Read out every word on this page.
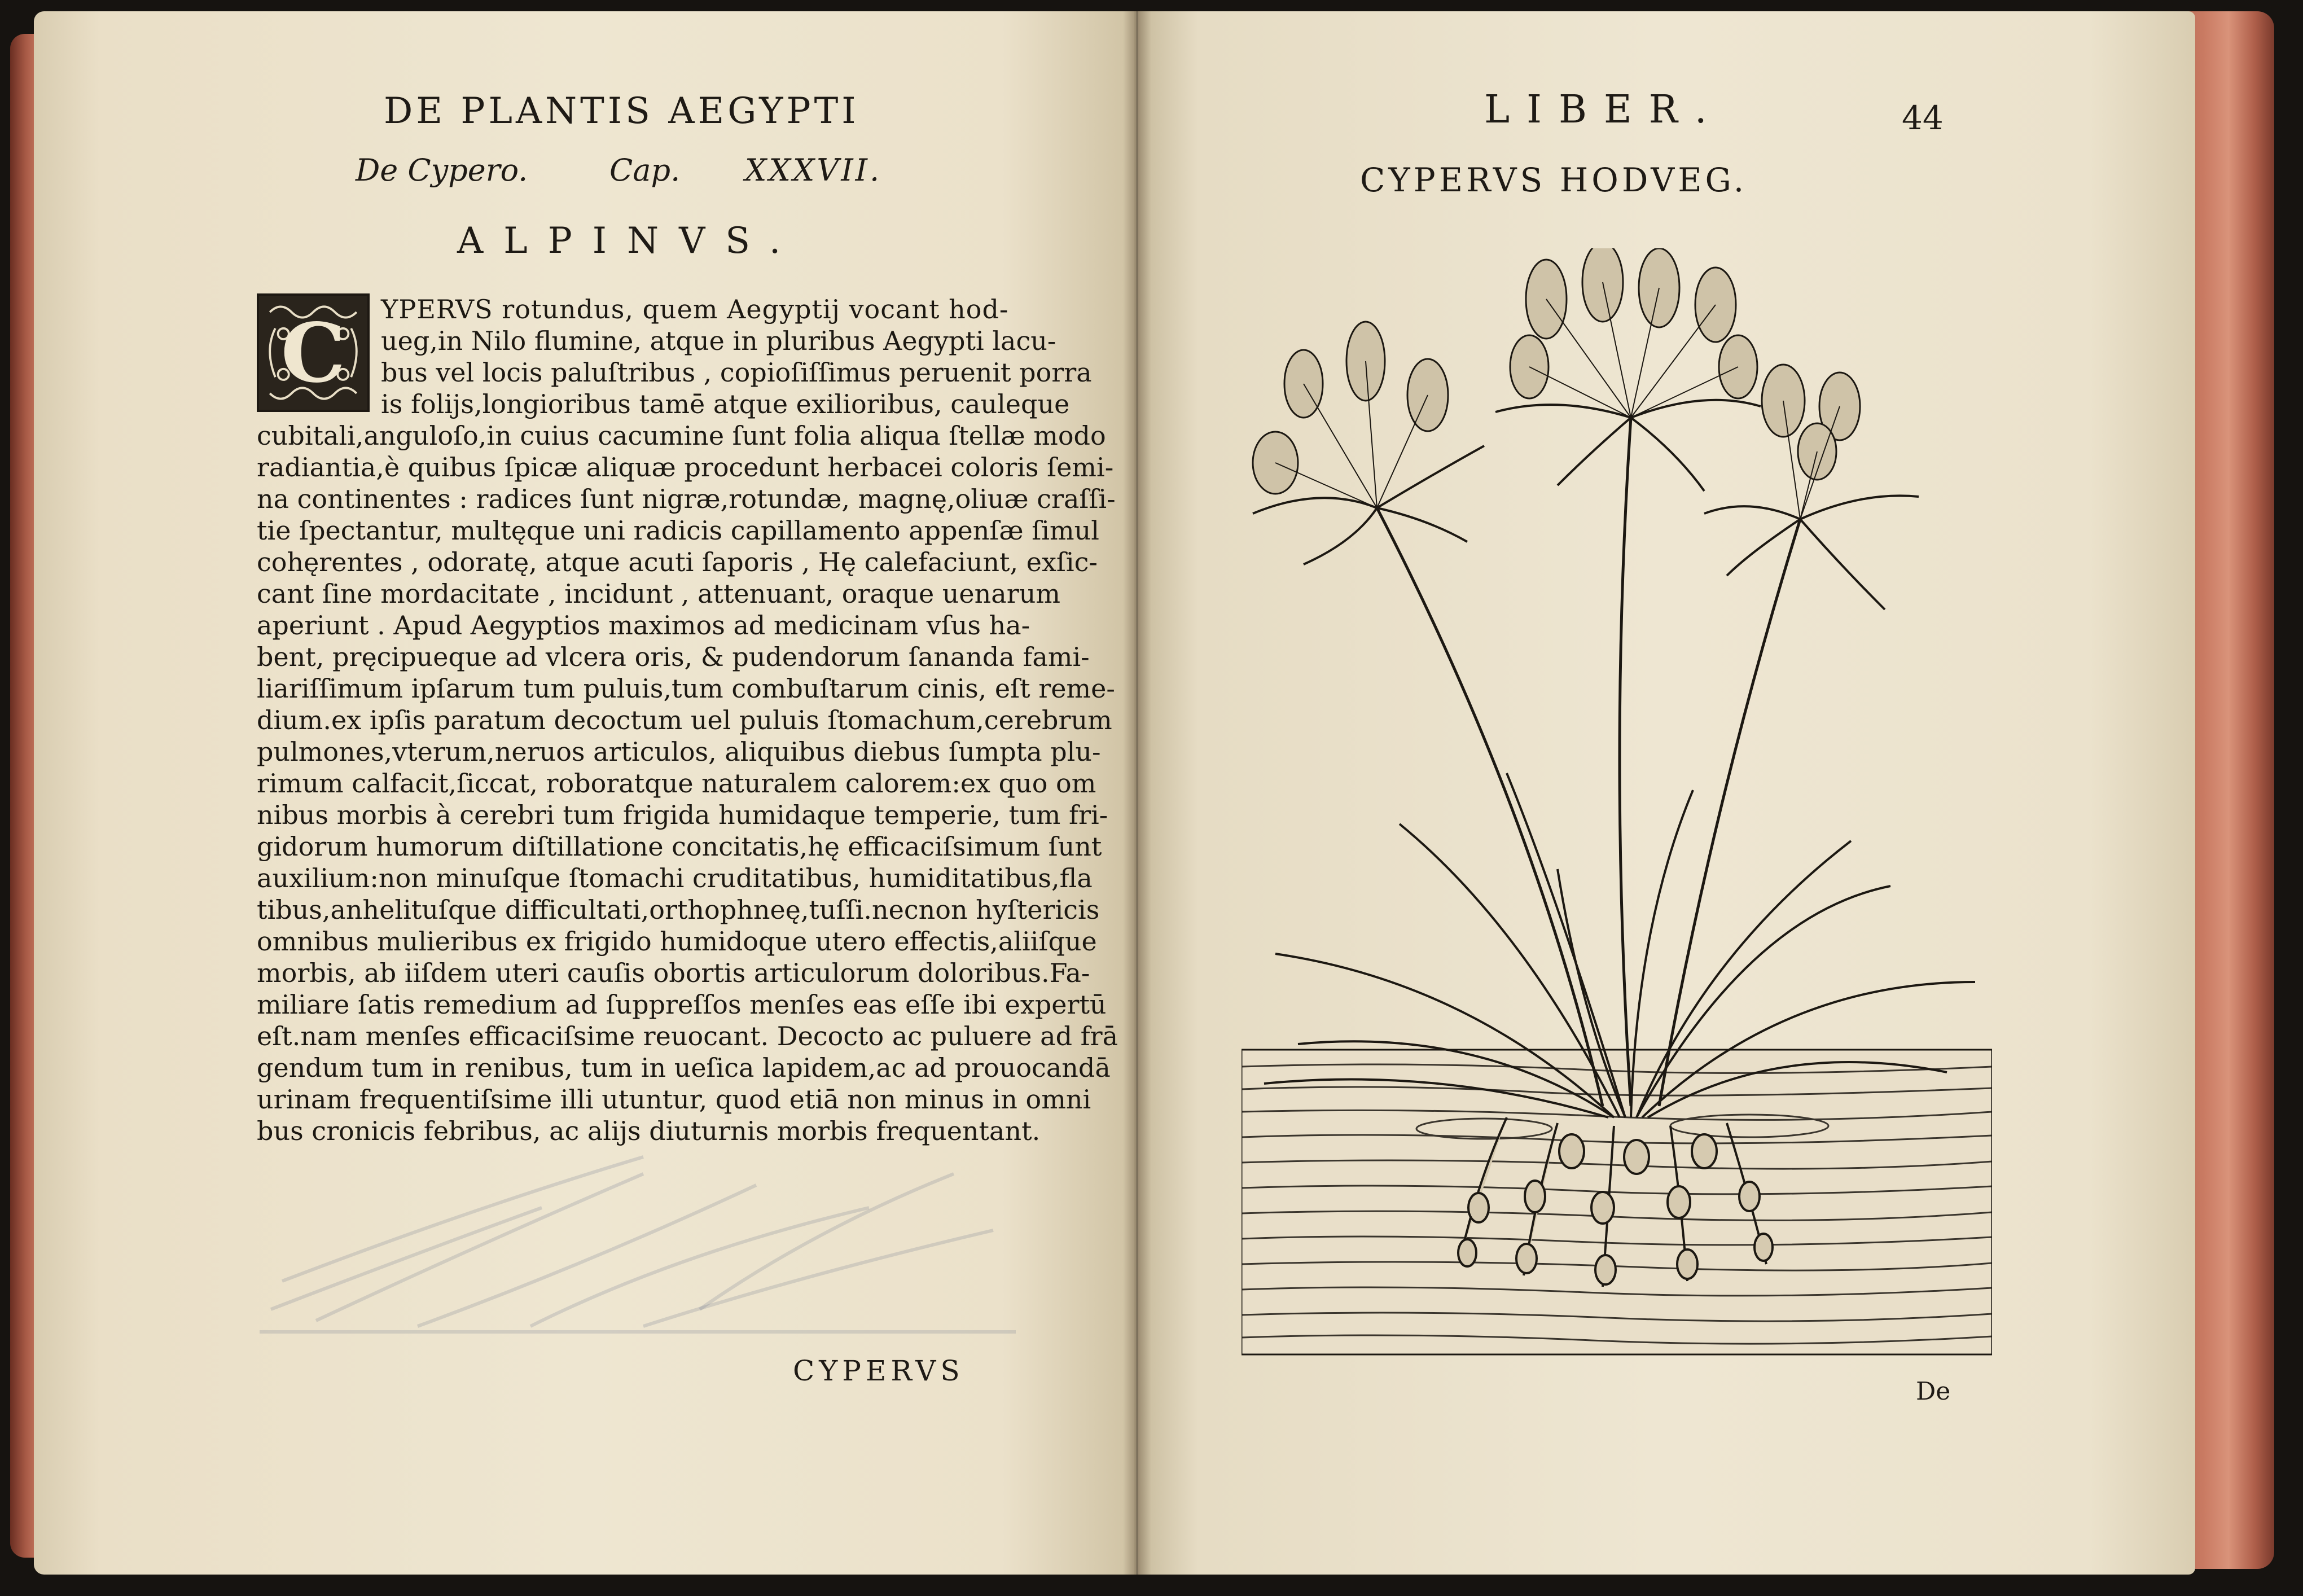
DE PLANTIS AEGYPTI
De Cypero.	Cap. XXXVII.
ALPINVS.
C	YPERVS rotundus, quem Aegyptij vocant hod-
ueg,in Nilo flumine, atque in pluribus Aegypti lacu-
bus vel locis paluſtribus , copioſiſſimus peruenit porra
is folijs,longioribus tamē atque exilioribus, cauleque
cubitali,anguloſo,in cuius cacumine ſunt folia aliqua ſtellæ modo
radiantia,è quibus ſpicæ aliquæ procedunt herbacei coloris ſemi-
na continentes : radices ſunt nigræ,rotundæ, magnę,oliuæ craſſi-
tie ſpectantur, multęque uni radicis capillamento appenſæ ſimul
cohęrentes , odoratę, atque acuti ſaporis , Hę calefaciunt, exſic-
cant ſine mordacitate , incidunt , attenuant, oraque uenarum
aperiunt . Apud Aegyptios maximos ad medicinam vſus ha-
bent, pręcipueque ad vlcera oris, & pudendorum ſananda fami-
liariſſimum ipſarum tum puluis,tum combuſtarum cinis, eſt reme-
dium.ex ipſis paratum decoctum uel puluis ſtomachum,cerebrum
pulmones,vterum,neruos articulos, aliquibus diebus ſumpta plu-
rimum calfacit,ſiccat, roboratque naturalem calorem:ex quo om
nibus morbis à cerebri tum frigida humidaque temperie, tum fri-
gidorum humorum diſtillatione concitatis,hę efficaciſsimum ſunt
auxilium:non minuſque ſtomachi cruditatibus, humiditatibus,fla
tibus,anhelituſque difficultati,orthophneę,tuſſi.necnon hyſtericis
omnibus mulieribus ex frigido humidoque utero effectis,aliiſque
morbis, ab iiſdem uteri cauſis obortis articulorum doloribus.Fa-
miliare ſatis remedium ad ſuppreſſos menſes eas eſſe ibi expertū
eſt.nam menſes efficaciſsime reuocant. Decocto ac puluere ad frā
gendum tum in renibus, tum in ueſica lapidem,ac ad prouocandā
urinam frequentiſsime illi utuntur, quod etiā non minus in omni
bus cronicis febribus, ac alijs diuturnis morbis frequentant.
CYPERVS
LIBER.	44
CYPERVS HODVEG.
De
